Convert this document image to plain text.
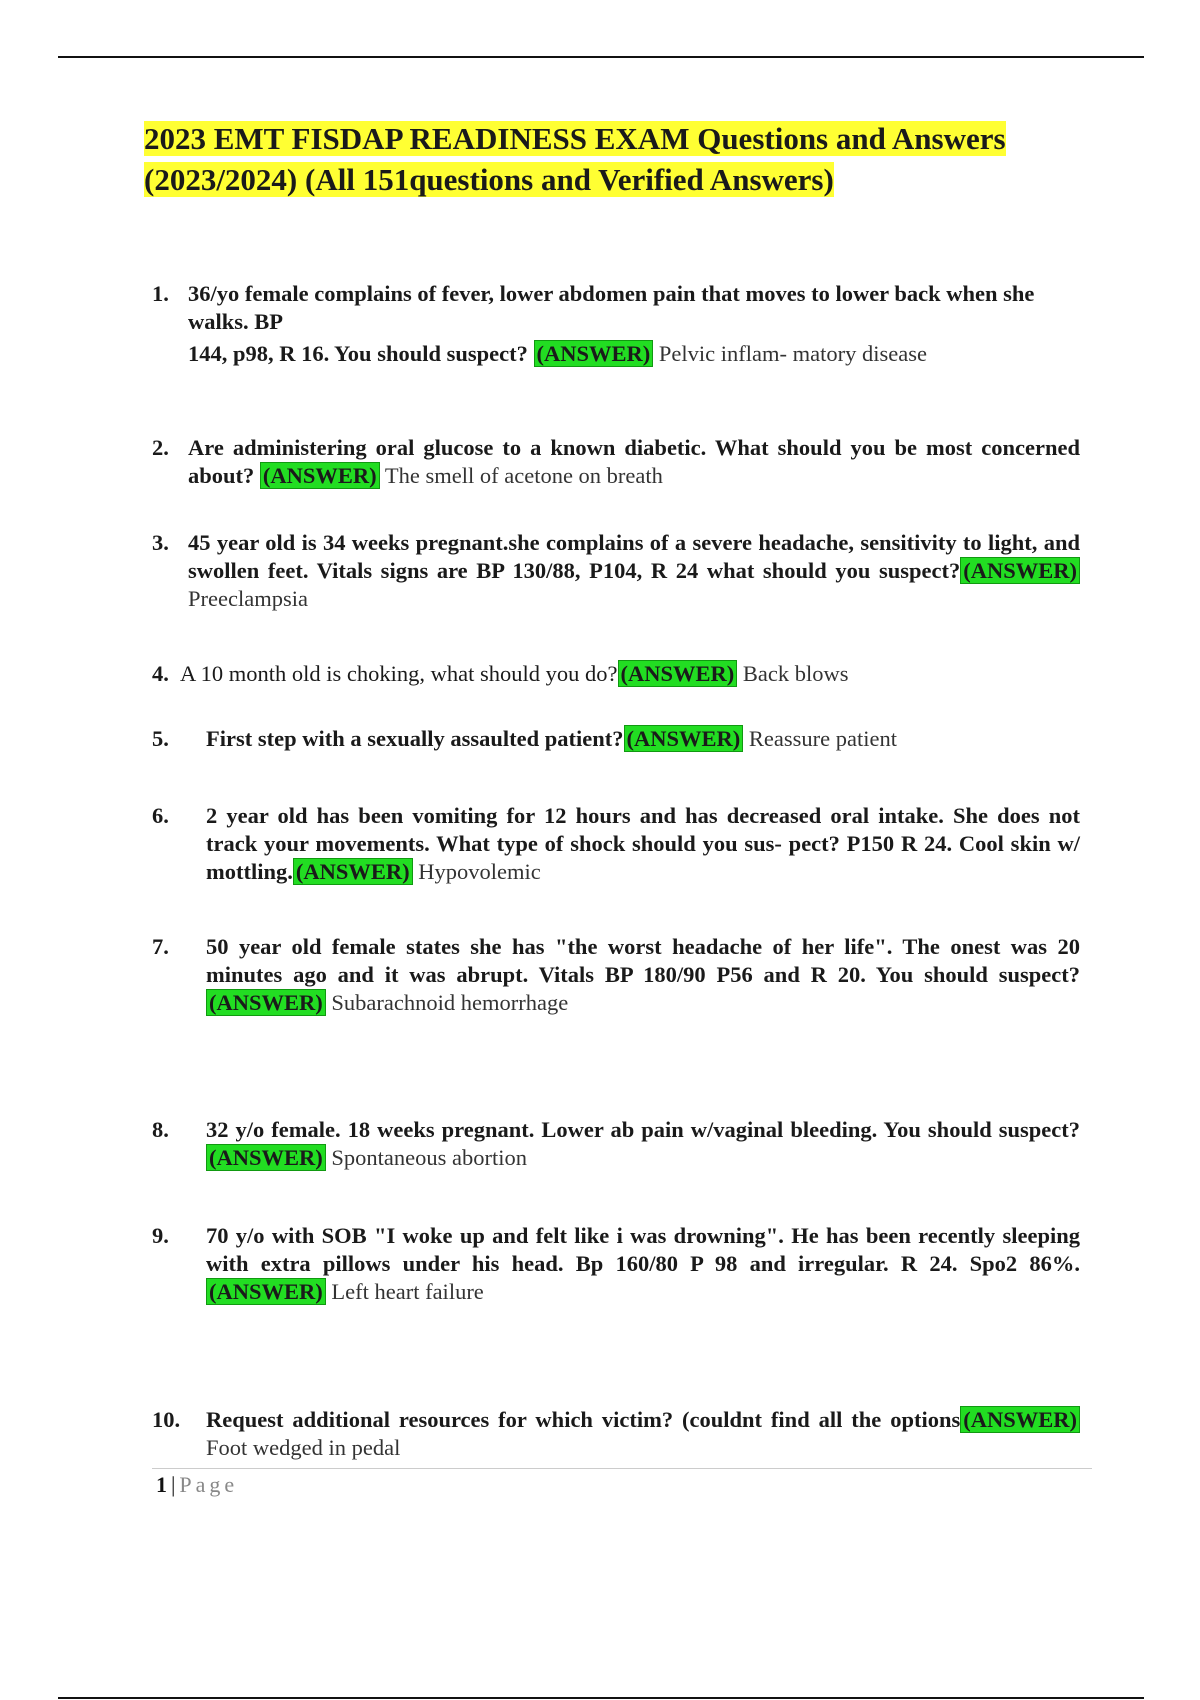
2023 EMT FISDAP READINESS EXAM Questions and Answers
(2023/2024) (All 151questions and Verified Answers)
1. 36/yo female complains of fever, lower abdomen pain that moves to lower back when she walks. BP
144, p98, R 16. You should suspect? (ANSWER) Pelvic inflam- matory disease
2. Are administering oral glucose to a known diabetic. What should you be most concerned about? (ANSWER) The smell of acetone on breath
3. 45 year old is 34 weeks pregnant.she complains of a severe headache, sensitivity to light, and swollen feet. Vitals signs are BP 130/88, P104, R 24 what should you suspect? (ANSWER) Preeclampsia
4. A 10 month old is choking, what should you do? (ANSWER) Back blows
5.	First step with a sexually assaulted patient? (ANSWER) Reassure patient
6.	2 year old has been vomiting for 12 hours and has decreased oral intake. She does not track your movements. What type of shock should you sus- pect? P150 R 24. Cool skin w/ mottling. (ANSWER) Hypovolemic
7.	50 year old female states she has "the worst headache of her life". The onest was 20 minutes ago and it was abrupt. Vitals BP 180/90 P56 and R 20. You should suspect?(ANSWER) Subarachnoid hemorrhage
8.	32 y/o female. 18 weeks pregnant. Lower ab pain w/vaginal bleeding. You should suspect? (ANSWER) Spontaneous abortion
9.	70 y/o with SOB "I woke up and felt like i was drowning". He has been recently sleeping with extra pillows under his head. Bp 160/80 P 98 and irregular. R 24. Spo2 86%.(ANSWER) Left heart failure
10.	Request additional resources for which victim? (couldnt find all the options (ANSWER) Foot wedged in pedal
1 | Page
